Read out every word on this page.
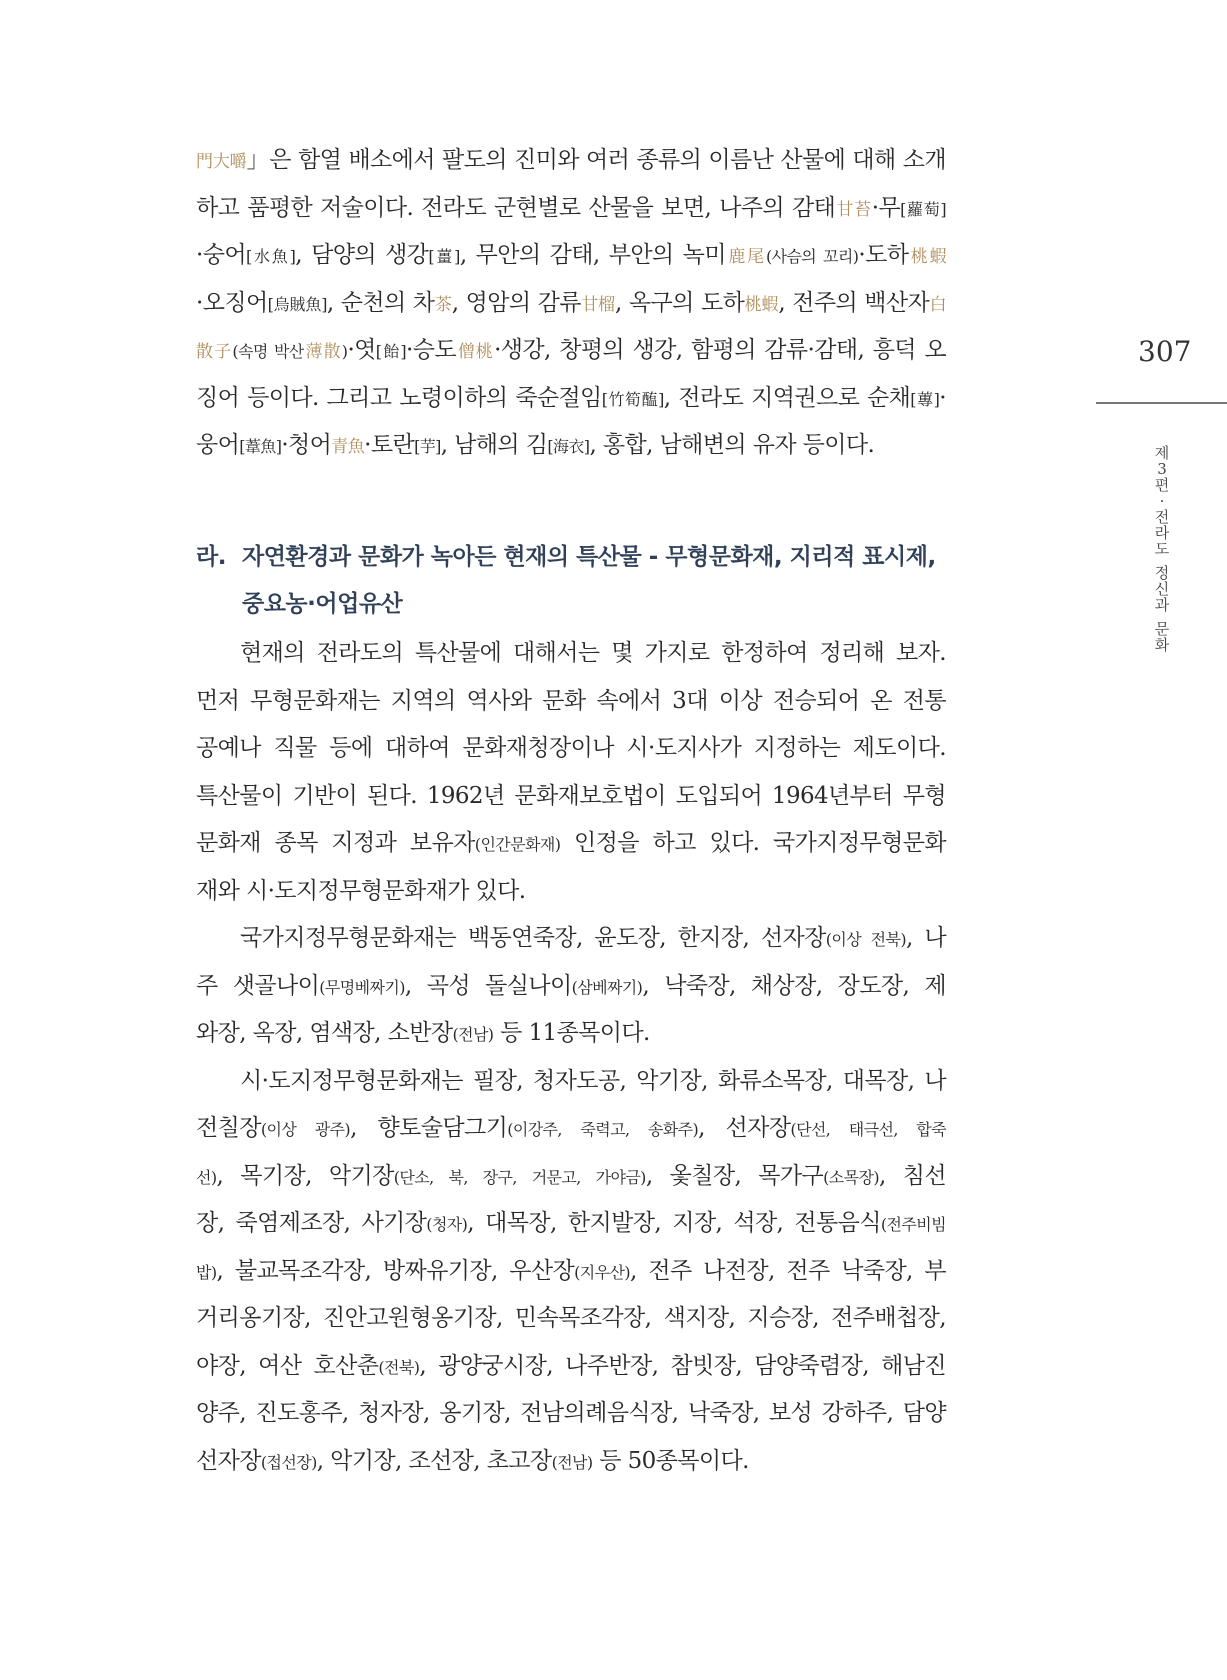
門大嚼」은 함열 배소에서 팔도의 진미와 여러 종류의 이름난 산물에 대해 소개
하고 품평한 저술이다. 전라도 군현별로 산물을 보면, 나주의 감태甘苔·무[蘿萄]
·숭어[水魚], 담양의 생강[薑], 무안의 감태, 부안의 녹미鹿尾(사슴의 꼬리)·도하桃蝦
·오징어[烏賊魚], 순천의 차茶, 영암의 감류甘榴, 옥구의 도하桃蝦, 전주의 백산자白
散子(속명 박산薄散)·엿[飴]·승도僧桃·생강, 창평의 생강, 함평의 감류·감태, 흥덕 오
징어 등이다. 그리고 노령이하의 죽순절임[竹筍醢], 전라도 지역권으로 순채[蓴]·
웅어[葦魚]·청어青魚·토란[芋], 남해의 김[海衣], 홍합, 남해변의 유자 등이다.
라. 자연환경과 문화가 녹아든 현재의 특산물 - 무형문화재, 지리적 표시제,
중요농·어업유산
현재의 전라도의 특산물에 대해서는 몇 가지로 한정하여 정리해 보자.
먼저 무형문화재는 지역의 역사와 문화 속에서 3대 이상 전승되어 온 전통
공예나 직물 등에 대하여 문화재청장이나 시·도지사가 지정하는 제도이다.
특산물이 기반이 된다. 1962년 문화재보호법이 도입되어 1964년부터 무형
문화재 종목 지정과 보유자(인간문화재) 인정을 하고 있다. 국가지정무형문화
재와 시·도지정무형문화재가 있다.
국가지정무형문화재는 백동연죽장, 윤도장, 한지장, 선자장(이상 전북), 나
주 샛골나이(무명베짜기), 곡성 돌실나이(삼베짜기), 낙죽장, 채상장, 장도장, 제
와장, 옥장, 염색장, 소반장(전남) 등 11종목이다.
시·도지정무형문화재는 필장, 청자도공, 악기장, 화류소목장, 대목장, 나
전칠장(이상 광주), 향토술담그기(이강주, 죽력고, 송화주), 선자장(단선, 태극선, 합죽
선), 목기장, 악기장(단소, 북, 장구, 거문고, 가야금), 옻칠장, 목가구(소목장), 침선
장, 죽염제조장, 사기장(청자), 대목장, 한지발장, 지장, 석장, 전통음식(전주비빔
밥), 불교목조각장, 방짜유기장, 우산장(지우산), 전주 나전장, 전주 낙죽장, 부
거리옹기장, 진안고원형옹기장, 민속목조각장, 색지장, 지승장, 전주배첩장,
야장, 여산 호산춘(전북), 광양궁시장, 나주반장, 참빗장, 담양죽렴장, 해남진
양주, 진도홍주, 청자장, 옹기장, 전남의례음식장, 낙죽장, 보성 강하주, 담양
선자장(접선장), 악기장, 조선장, 초고장(전남) 등 50종목이다.
307
제
3
편
·
전
라
도
정
신
과
문
화
